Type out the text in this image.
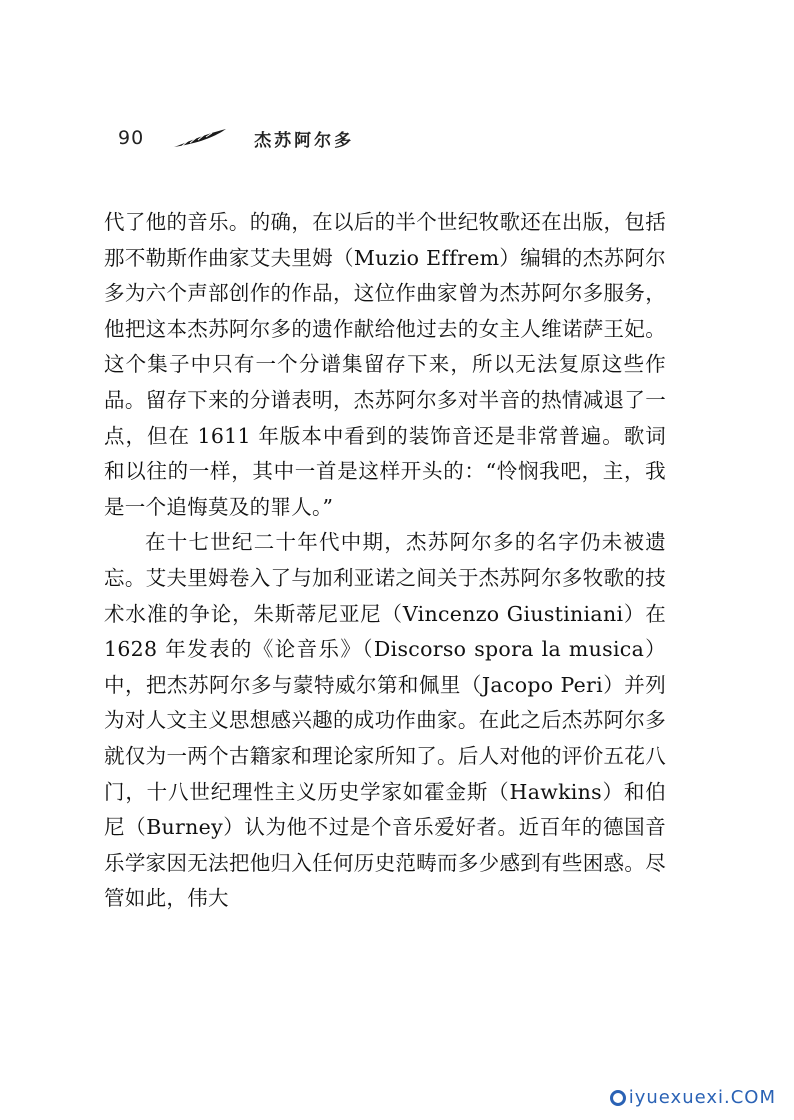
90	杰苏阿尔多

代了他的音乐。的确，在以后的半个世纪牧歌还在出版，包括那不勒斯作曲家艾夫里姆（Muzio Effrem）编辑的杰苏阿尔多为六个声部创作的作品，这位作曲家曾为杰苏阿尔多服务，他把这本杰苏阿尔多的遗作献给他过去的女主人维诺萨王妃。这个集子中只有一个分谱集留存下来，所以无法复原这些作品。留存下来的分谱表明，杰苏阿尔多对半音的热情减退了一点，但在 1611 年版本中看到的装饰音还是非常普遍。歌词和以往的一样，其中一首是这样开头的：“怜悯我吧，主，我是一个追悔莫及的罪人。”

在十七世纪二十年代中期，杰苏阿尔多的名字仍未被遗忘。艾夫里姆卷入了与加利亚诺之间关于杰苏阿尔多牧歌的技术水准的争论，朱斯蒂尼亚尼（Vincenzo Giustiniani）在 1628 年发表的《论音乐》（Discorso spora la musica）中，把杰苏阿尔多与蒙特威尔第和佩里（Jacopo Peri）并列为对人文主义思想感兴趣的成功作曲家。在此之后杰苏阿尔多就仅为一两个古籍家和理论家所知了。后人对他的评价五花八门，十八世纪理性主义历史学家如霍金斯（Hawkins）和伯尼（Burney）认为他不过是个音乐爱好者。近百年的德国音乐学家因无法把他归入任何历史范畴而多少感到有些困惑。尽管如此，伟大

iyuexuexi.COM
